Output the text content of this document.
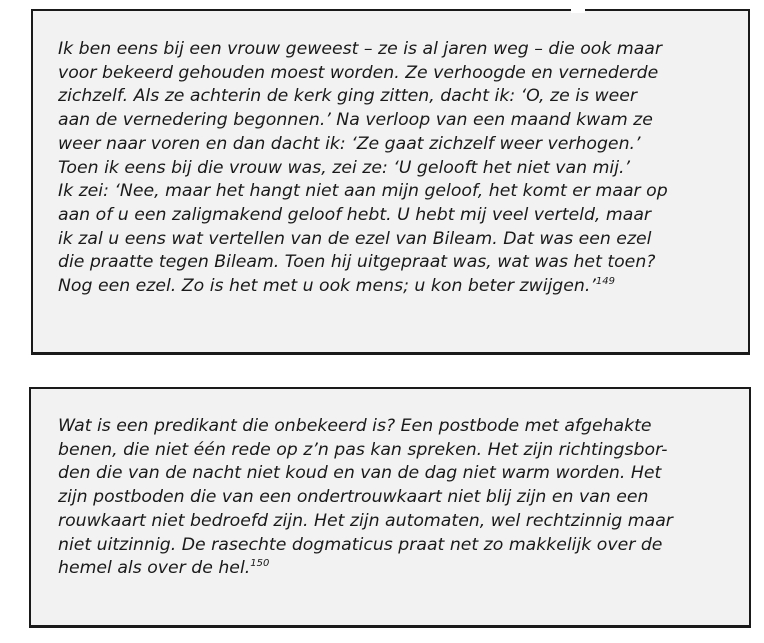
Ik ben eens bij een vrouw geweest – ze is al jaren weg – die ook maar
voor bekeerd gehouden moest worden. Ze verhoogde en vernederde
zichzelf. Als ze achterin de kerk ging zitten, dacht ik: ‘O, ze is weer
aan de vernedering begonnen.’ Na verloop van een maand kwam ze
weer naar voren en dan dacht ik: ‘Ze gaat zichzelf weer verhogen.’
Toen ik eens bij die vrouw was, zei ze: ‘U gelooft het niet van mij.’
Ik zei: ‘Nee, maar het hangt niet aan mijn geloof, het komt er maar op
aan of u een zaligmakend geloof hebt. U hebt mij veel verteld, maar
ik zal u eens wat vertellen van de ezel van Bileam. Dat was een ezel
die praatte tegen Bileam. Toen hij uitgepraat was, wat was het toen?
Nog een ezel. Zo is het met u ook mens; u kon beter zwijgen.’$^{149}$
Wat is een predikant die onbekeerd is? Een postbode met afgehakte
benen, die niet één rede op z’n pas kan spreken. Het zijn richtingsbor-
den die van de nacht niet koud en van de dag niet warm worden. Het
zijn postboden die van een ondertrouwkaart niet blij zijn en van een
rouwkaart niet bedroefd zijn. Het zijn automaten, wel rechtzinnig maar
niet uitzinnig. De rasechte dogmaticus praat net zo makkelijk over de
hemel als over de hel.$^{150}$
